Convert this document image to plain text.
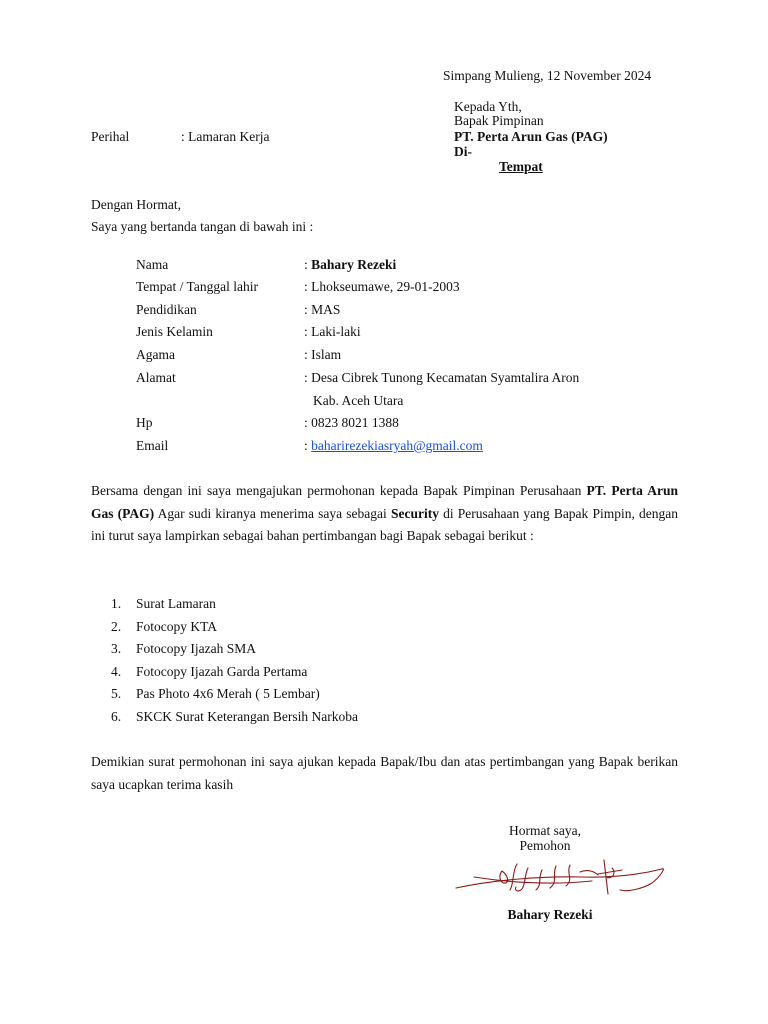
Simpang Mulieng, 12 November 2024
Kepada Yth,
Bapak Pimpinan
PT. Perta Arun Gas (PAG)
Di-
Tempat
Perihal	: Lamaran Kerja
Dengan Hormat,
Saya yang bertanda tangan di bawah ini :
Nama	: Bahary Rezeki
Tempat / Tanggal lahir	: Lhokseumawe, 29-01-2003
Pendidikan	: MAS
Jenis Kelamin	: Laki-laki
Agama	: Islam
Alamat	: Desa Cibrek Tunong Kecamatan Syamtalira Aron
Kab. Aceh Utara
Hp	: 0823 8021 1388
Email	: baharirezekiasryah@gmail.com
Bersama dengan ini saya mengajukan permohonan kepada Bapak Pimpinan Perusahaan PT. Perta Arun Gas (PAG) Agar sudi kiranya menerima saya sebagai Security di Perusahaan yang Bapak Pimpin, dengan ini turut saya lampirkan sebagai bahan pertimbangan bagi Bapak sebagai berikut :
1. Surat Lamaran
2. Fotocopy KTA
3. Fotocopy Ijazah SMA
4. Fotocopy Ijazah Garda Pertama
5. Pas Photo 4x6 Merah ( 5 Lembar)
6. SKCK Surat Keterangan Bersih Narkoba
Demikian surat permohonan ini saya ajukan kepada Bapak/Ibu dan atas pertimbangan yang Bapak berikan saya ucapkan terima kasih
Hormat saya,
Pemohon
Bahary Rezeki
